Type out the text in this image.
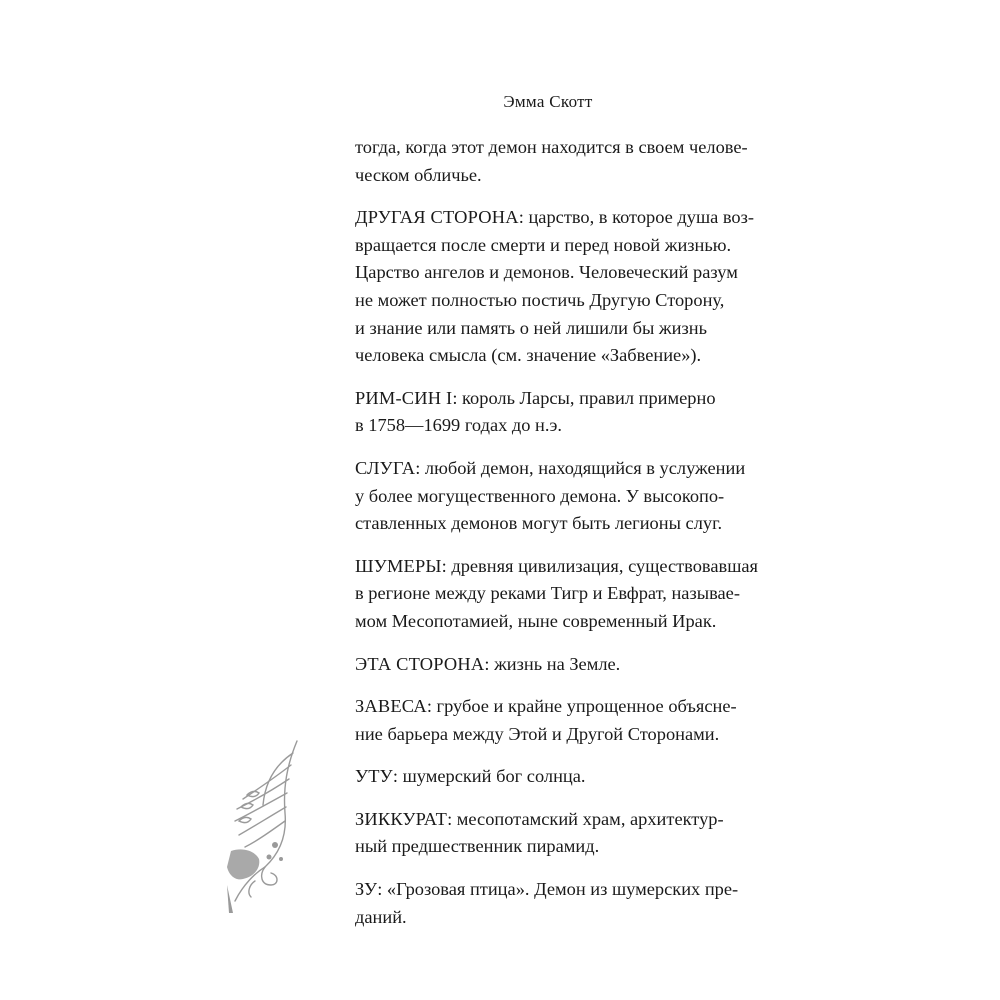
Эмма Скотт
тогда, когда этот демон находится в своем челове-
ческом обличье.
ДРУГАЯ СТОРОНА: царство, в которое душа воз-
вращается после смерти и перед новой жизнью.
Царство ангелов и демонов. Человеческий разум
не может полностью постичь Другую Сторону,
и знание или память о ней лишили бы жизнь
человека смысла (см. значение «Забвение»).
РИМ-СИН I: король Ларсы, правил примерно
в 1758—1699 годах до н.э.
СЛУГА: любой демон, находящийся в услужении
у более могущественного демона. У высокопо-
ставленных демонов могут быть легионы слуг.
ШУМЕРЫ: древняя цивилизация, существовавшая
в регионе между реками Тигр и Евфрат, называе-
мом Месопотамией, ныне современный Ирак.
ЭТА СТОРОНА: жизнь на Земле.
ЗАВЕСА: грубое и крайне упрощенное объясне-
ние барьера между Этой и Другой Сторонами.
УТУ: шумерский бог солнца.
ЗИККУРАТ: месопотамский храм, архитектур-
ный предшественник пирамид.
ЗУ: «Грозовая птица». Демон из шумерских пре-
даний.
